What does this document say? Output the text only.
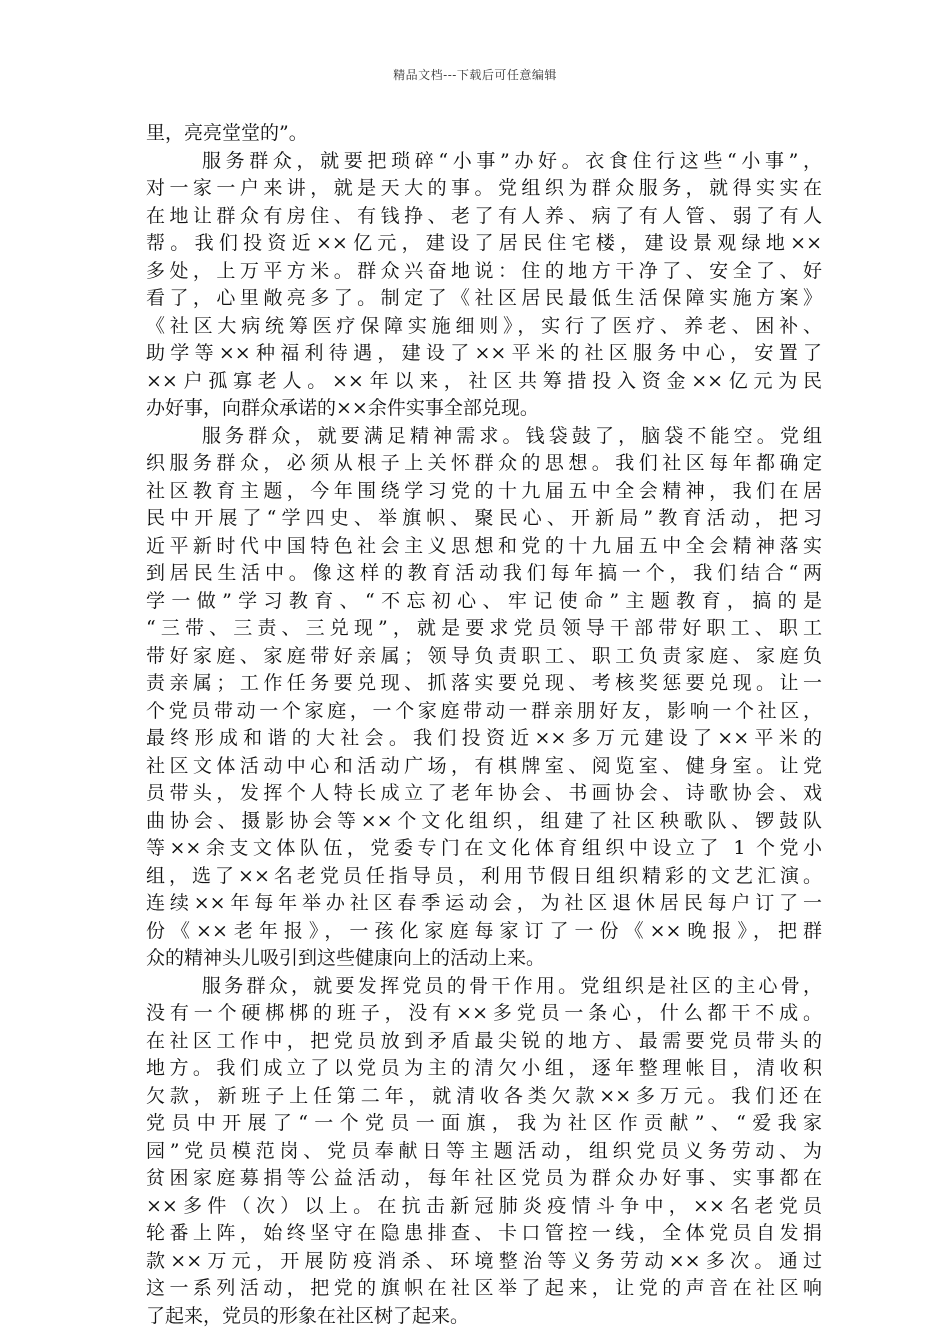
精品文档---下载后可任意编辑
里，亮亮堂堂的”。
服务群众，就要把琐碎“小事”办好。衣食住行这些“小事”，
对一家一户来讲，就是天大的事。党组织为群众服务，就得实实在
在地让群众有房住、有钱挣、老了有人养、病了有人管、弱了有人
帮。我们投资近××亿元，建设了居民住宅楼，建设景观绿地××
多处，上万平方米。群众兴奋地说：住的地方干净了、安全了、好
看了，心里敞亮多了。制定了《社区居民最低生活保障实施方案》
《社区大病统筹医疗保障实施细则》，实行了医疗、养老、困补、
助学等××种福利待遇，建设了××平米的社区服务中心，安置了
××户孤寡老人。××年以来，社区共筹措投入资金××亿元为民
办好事，向群众承诺的××余件实事全部兑现。
服务群众，就要满足精神需求。钱袋鼓了，脑袋不能空。党组
织服务群众，必须从根子上关怀群众的思想。我们社区每年都确定
社区教育主题，今年围绕学习党的十九届五中全会精神，我们在居
民中开展了“学四史、举旗帜、聚民心、开新局”教育活动，把习
近平新时代中国特色社会主义思想和党的十九届五中全会精神落实
到居民生活中。像这样的教育活动我们每年搞一个，我们结合“两
学一做”学习教育、“不忘初心、牢记使命”主题教育，搞的是
“三带、三责、三兑现”，就是要求党员领导干部带好职工、职工
带好家庭、家庭带好亲属；领导负责职工、职工负责家庭、家庭负
责亲属；工作任务要兑现、抓落实要兑现、考核奖惩要兑现。让一
个党员带动一个家庭，一个家庭带动一群亲朋好友，影响一个社区，
最终形成和谐的大社会。我们投资近××多万元建设了××平米的
社区文体活动中心和活动广场，有棋牌室、阅览室、健身室。让党
员带头，发挥个人特长成立了老年协会、书画协会、诗歌协会、戏
曲协会、摄影协会等××个文化组织，组建了社区秧歌队、锣鼓队
等××余支文体队伍，党委专门在文化体育组织中设立了 1 个党小
组，选了××名老党员任指导员，利用节假日组织精彩的文艺汇演。
连续××年每年举办社区春季运动会，为社区退休居民每户订了一
份《××老年报》，一孩化家庭每家订了一份《××晚报》，把群
众的精神头儿吸引到这些健康向上的活动上来。
服务群众，就要发挥党员的骨干作用。党组织是社区的主心骨，
没有一个硬梆梆的班子，没有××多党员一条心，什么都干不成。
在社区工作中，把党员放到矛盾最尖锐的地方、最需要党员带头的
地方。我们成立了以党员为主的清欠小组，逐年整理帐目，清收积
欠款，新班子上任第二年，就清收各类欠款××多万元。我们还在
党员中开展了“一个党员一面旗，我为社区作贡献”、“爱我家
园”党员模范岗、党员奉献日等主题活动，组织党员义务劳动、为
贫困家庭募捐等公益活动，每年社区党员为群众办好事、实事都在
××多件（次）以上。在抗击新冠肺炎疫情斗争中，××名老党员
轮番上阵，始终坚守在隐患排查、卡口管控一线，全体党员自发捐
款××万元，开展防疫消杀、环境整治等义务劳动××多次。通过
这一系列活动，把党的旗帜在社区举了起来，让党的声音在社区响
了起来，党员的形象在社区树了起来。
